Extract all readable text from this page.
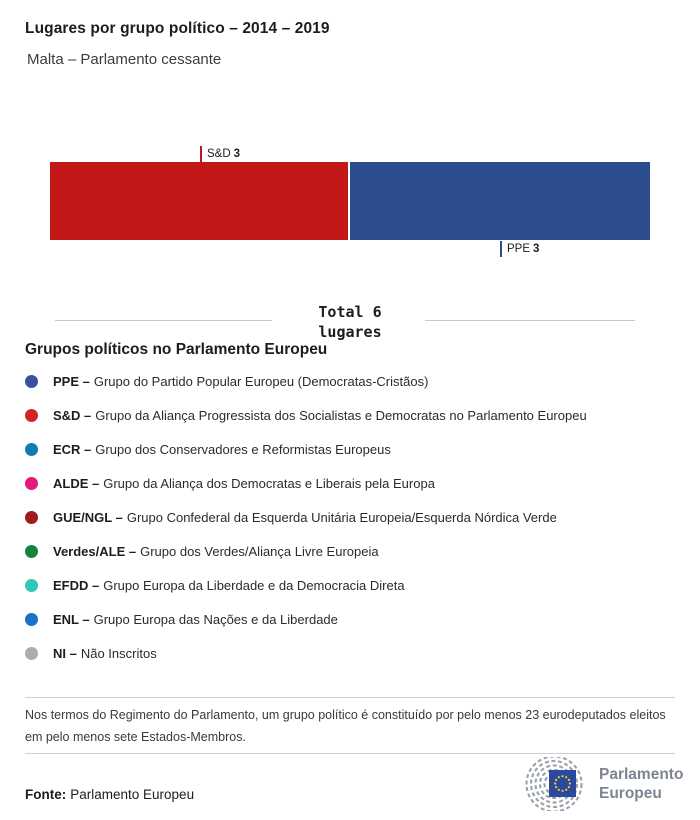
Lugares por grupo político – 2014 – 2019
Malta – Parlamento cessante
S&D 3
PPE 3
Total 6
lugares
Grupos políticos no Parlamento Europeu
PPE – Grupo do Partido Popular Europeu (Democratas-Cristãos)
S&D – Grupo da Aliança Progressista dos Socialistas e Democratas no Parlamento Europeu
ECR – Grupo dos Conservadores e Reformistas Europeus
ALDE – Grupo da Aliança dos Democratas e Liberais pela Europa
GUE/NGL – Grupo Confederal da Esquerda Unitária Europeia/Esquerda Nórdica Verde
Verdes/ALE – Grupo dos Verdes/Aliança Livre Europeia
EFDD – Grupo Europa da Liberdade e da Democracia Direta
ENL – Grupo Europa das Nações e da Liberdade
NI – Não Inscritos

Nos termos do Regimento do Parlamento, um grupo político é constituído por pelo menos 23 eurodeputados eleitos em pelo menos sete Estados-Membros.

Fonte: Parlamento Europeu

Parlamento
Europeu
